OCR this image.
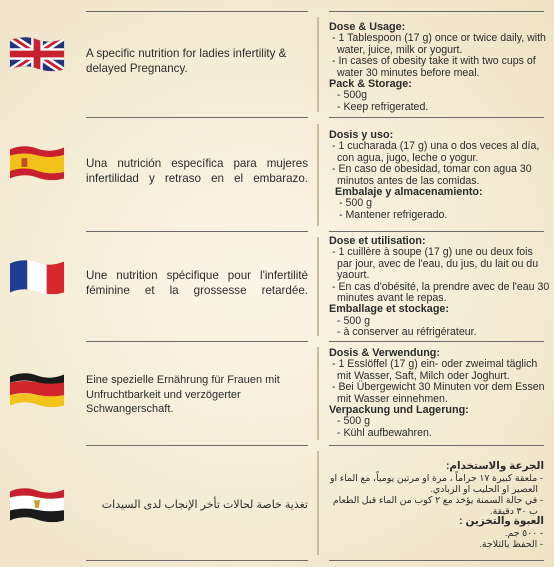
A specific nutrition for ladies infertility & delayed Pregnancy.
Dose & Usage:
- 1 Tablespoon (17 g) once or twice daily, with water, juice, milk or yogurt.
- In cases of obesity take it with two cups of water 30 minutes before meal.
Pack & Storage:
- 500g
- Keep refrigerated.
Una nutrición específica para mujeres infertilidad y retraso en el embarazo.
Dosis y uso:
- 1 cucharada (17 g) una o dos veces al día, con agua, jugo, leche o yogur.
- En caso de obesidad, tomar con agua 30 minutos antes de las comidas.
Embalaje y almacenamiento:
- 500 g
- Mantener refrigerado.
Une nutrition spécifique pour l'infertilité féminine et la grossesse retardée.
Dose et utilisation:
- 1 cuillère à soupe (17 g) une ou deux fois par jour, avec de l'eau, du jus, du lait ou du yaourt.
- En cas d'obésité, la prendre avec de l'eau 30 minutes avant le repas.
Emballage et stockage:
- 500 g
- à conserver au réfrigérateur.
Eine spezielle Ernährung für Frauen mit Unfruchtbarkeit und verzögerter Schwangerschaft.
Dosis & Verwendung:
- 1 Esslöffel (17 g) ein- oder zweimal täglich mit Wasser, Saft, Milch oder Joghurt.
- Bei Übergewicht 30 Minuten vor dem Essen mit Wasser einnehmen.
Verpackung und Lagerung:
- 500 g
- Kühl aufbewahren.
تغذية خاصة لحالات تأخر الإنجاب لدى السيدات
الجرعة والاستخدام:
- ملعقة كبيرة ١٧ جراماً ، مرة او مرتين يومياً، مع الماء او العصير او الحليب او الزبادي.
- في حالة السمنة يؤخذ مع ٢ كوب من الماء قبل الطعام ب ٣٠ دقيقة.
العبوة والتخزين :
- ٥٠٠ جم.
- الحفظ بالثلاجة.
